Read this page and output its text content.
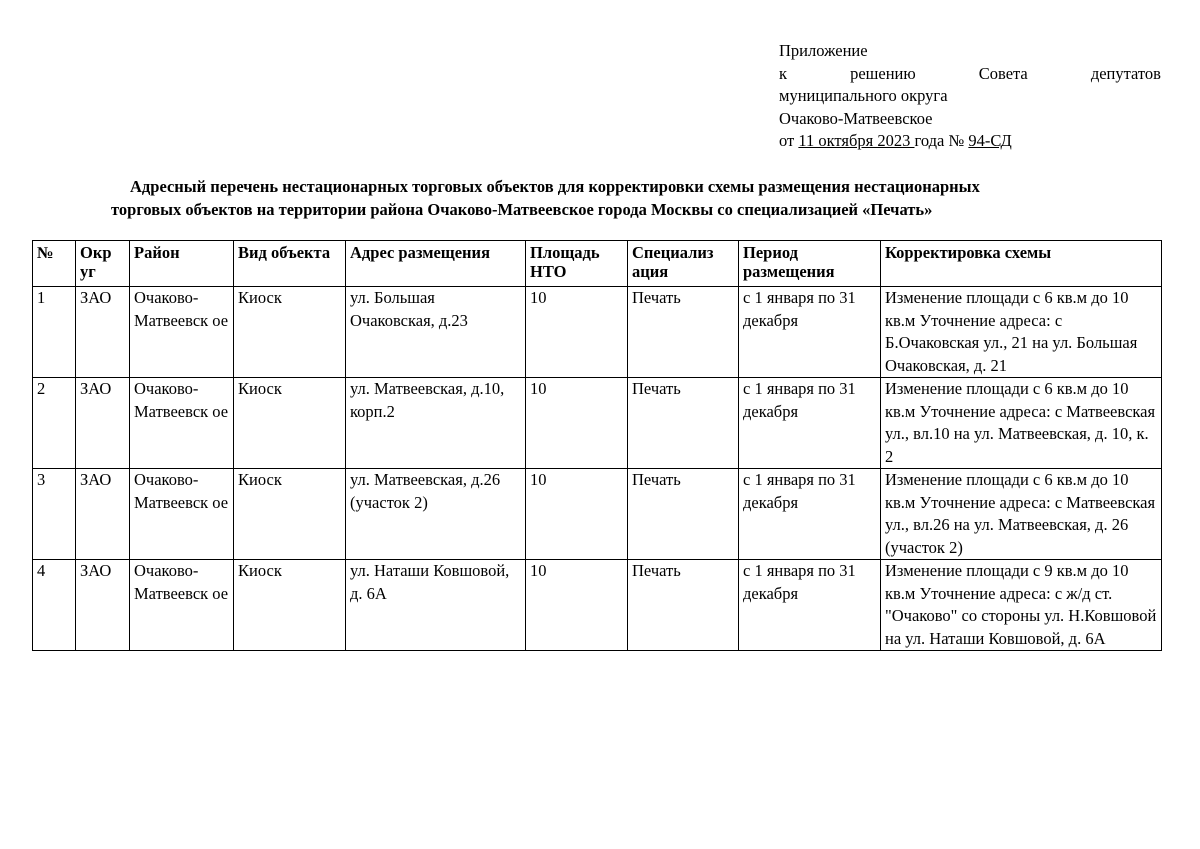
Приложение
к	решению	Совета	депутатов
муниципального округа
Очаково-Матвеевское
от 11 октября 2023 года № 94-СД
Адресный перечень нестационарных торговых объектов для корректировки схемы размещения нестационарных
торговых объектов на территории района Очаково-Матвеевское города Москвы со специализацией «Печать»
№	Окр уг	Район	Вид объекта	Адрес размещения	Площадь НТО	Специализ ация	Период размещения	Корректировка схемы
1	ЗАО	Очаково-Матвеевск ое	Киоск	ул. Большая Очаковская, д.23	10	Печать	с 1 января по 31 декабря	Изменение площади с 6 кв.м до 10 кв.м Уточнение адреса: с Б.Очаковская ул., 21 на ул. Большая Очаковская, д. 21
2	ЗАО	Очаково-Матвеевск ое	Киоск	ул. Матвеевская, д.10, корп.2	10	Печать	с 1 января по 31 декабря	Изменение площади с 6 кв.м до 10 кв.м Уточнение адреса: с Матвеевская ул., вл.10 на ул. Матвеевская, д. 10, к. 2
3	ЗАО	Очаково-Матвеевск ое	Киоск	ул. Матвеевская, д.26 (участок 2)	10	Печать	с 1 января по 31 декабря	Изменение площади с 6 кв.м до 10 кв.м Уточнение адреса: с Матвеевская ул., вл.26 на ул. Матвеевская, д. 26 (участок 2)
4	ЗАО	Очаково-Матвеевск ое	Киоск	ул. Наташи Ковшовой, д. 6А	10	Печать	с 1 января по 31 декабря	Изменение площади с 9 кв.м до 10 кв.м Уточнение адреса: с ж/д ст. "Очаково" со стороны ул. Н.Ковшовой на ул. Наташи Ковшовой, д. 6А
